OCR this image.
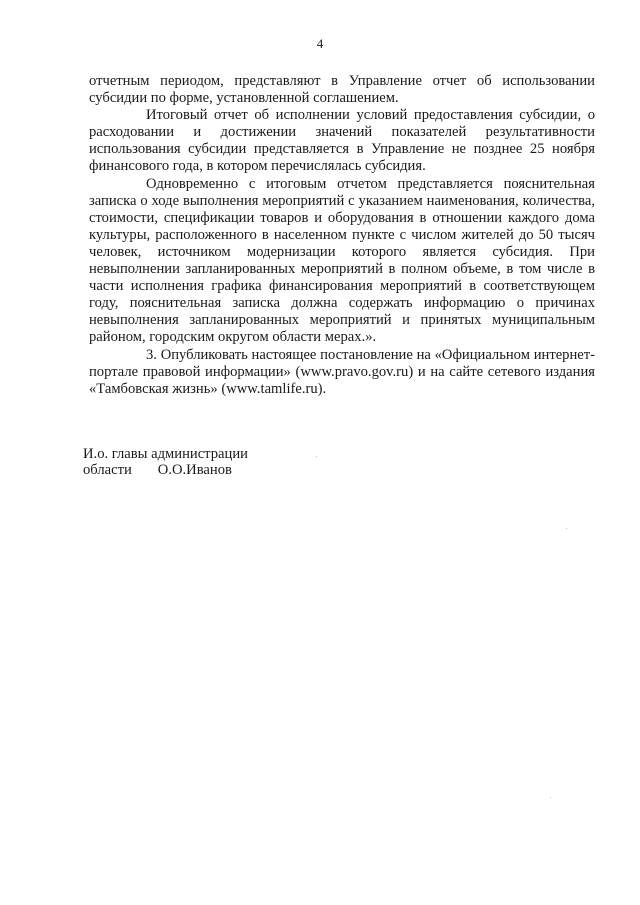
4

отчетным периодом, представляют в Управление отчет об использовании субсидии по форме, установленной соглашением.

Итоговый отчет об исполнении условий предоставления субсидии, о расходовании и достижении значений показателей результативности использования субсидии представляется в Управление не позднее 25 ноября финансового года, в котором перечислялась субсидия.

Одновременно с итоговым отчетом представляется пояснительная записка о ходе выполнения мероприятий с указанием наименования, количества, стоимости, спецификации товаров и оборудования в отношении каждого дома культуры, расположенного в населенном пункте с числом жителей до 50 тысяч человек, источником модернизации которого является субсидия. При невыполнении запланированных мероприятий в полном объеме, в том числе в части исполнения графика финансирования мероприятий в соответствующем году, пояснительная записка должна содержать информацию о причинах невыполнения запланированных мероприятий и принятых муниципальным районом, городским округом области мерах.».

3. Опубликовать настоящее постановление на «Официальном интернет-портале правовой информации» (www.pravo.gov.ru) и на сайте сетевого издания «Тамбовская жизнь» (www.tamlife.ru).

И.о. главы администрации
области О.О.Иванов
